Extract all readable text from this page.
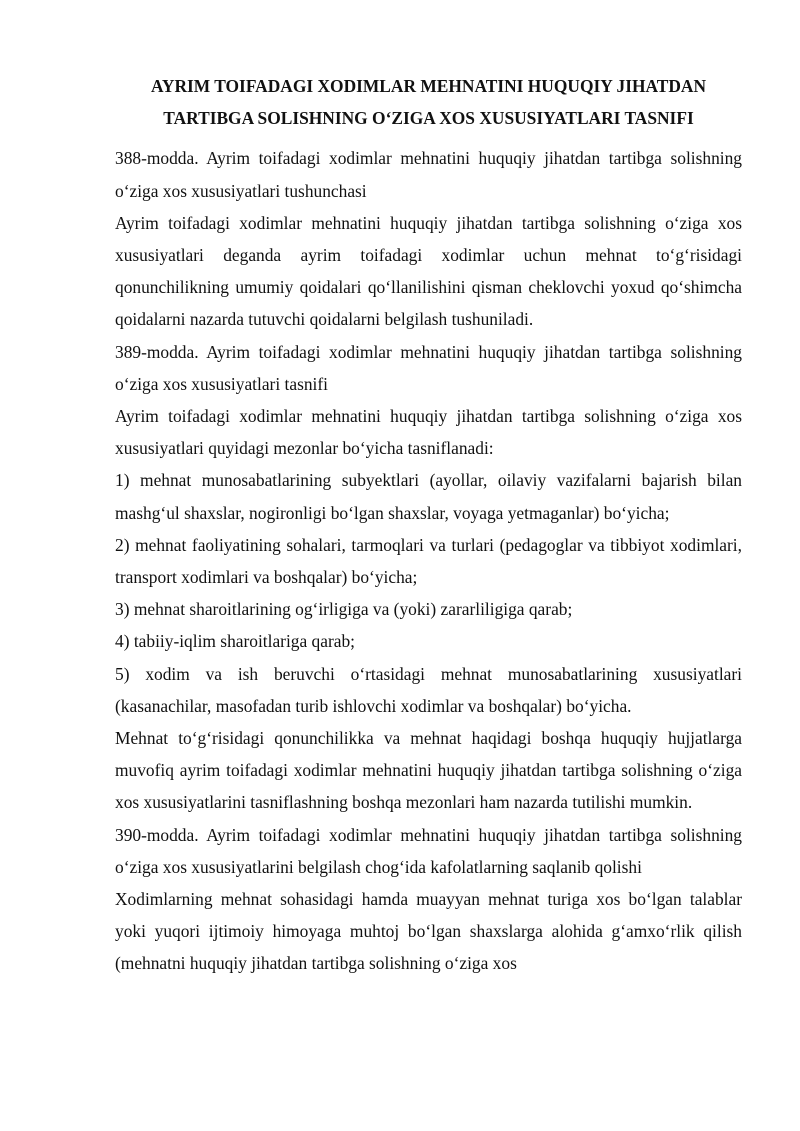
AYRIM TOIFADAGI XODIMLAR MEHNATINI HUQUQIY JIHATDAN
TARTIBGA SOLISHNING O‘ZIGA XOS XUSUSIYATLARI TASNIFI

388-modda. Ayrim toifadagi xodimlar mehnatini huquqiy jihatdan tartibga solishning o‘ziga xos xususiyatlari tushunchasi

Ayrim toifadagi xodimlar mehnatini huquqiy jihatdan tartibga solishning o‘ziga xos xususiyatlari deganda ayrim toifadagi xodimlar uchun mehnat to‘g‘risidagi qonunchilikning umumiy qoidalari qo‘llanilishini qisman cheklovchi yoxud qo‘shimcha qoidalarni nazarda tutuvchi qoidalarni belgilash tushuniladi.

389-modda. Ayrim toifadagi xodimlar mehnatini huquqiy jihatdan tartibga solishning o‘ziga xos xususiyatlari tasnifi

Ayrim toifadagi xodimlar mehnatini huquqiy jihatdan tartibga solishning o‘ziga xos xususiyatlari quyidagi mezonlar bo‘yicha tasniflanadi:

1) mehnat munosabatlarining subyektlari (ayollar, oilaviy vazifalarni bajarish bilan mashg‘ul shaxslar, nogironligi bo‘lgan shaxslar, voyaga yetmaganlar) bo‘yicha;

2) mehnat faoliyatining sohalari, tarmoqlari va turlari (pedagoglar va tibbiyot xodimlari, transport xodimlari va boshqalar) bo‘yicha;

3) mehnat sharoitlarining og‘irligiga va (yoki) zararliligiga qarab;

4) tabiiy-iqlim sharoitlariga qarab;

5) xodim va ish beruvchi o‘rtasidagi mehnat munosabatlarining xususiyatlari (kasanachilar, masofadan turib ishlovchi xodimlar va boshqalar) bo‘yicha.

Mehnat to‘g‘risidagi qonunchilikka va mehnat haqidagi boshqa huquqiy hujjatlarga muvofiq ayrim toifadagi xodimlar mehnatini huquqiy jihatdan tartibga solishning o‘ziga xos xususiyatlarini tasniflashning boshqa mezonlari ham nazarda tutilishi mumkin.

390-modda. Ayrim toifadagi xodimlar mehnatini huquqiy jihatdan tartibga solishning o‘ziga xos xususiyatlarini belgilash chog‘ida kafolatlarning saqlanib qolishi

Xodimlarning mehnat sohasidagi hamda muayyan mehnat turiga xos bo‘lgan talablar yoki yuqori ijtimoiy himoyaga muhtoj bo‘lgan shaxslarga alohida g‘amxo‘rlik qilish (mehnatni huquqiy jihatdan tartibga solishning o‘ziga xos
